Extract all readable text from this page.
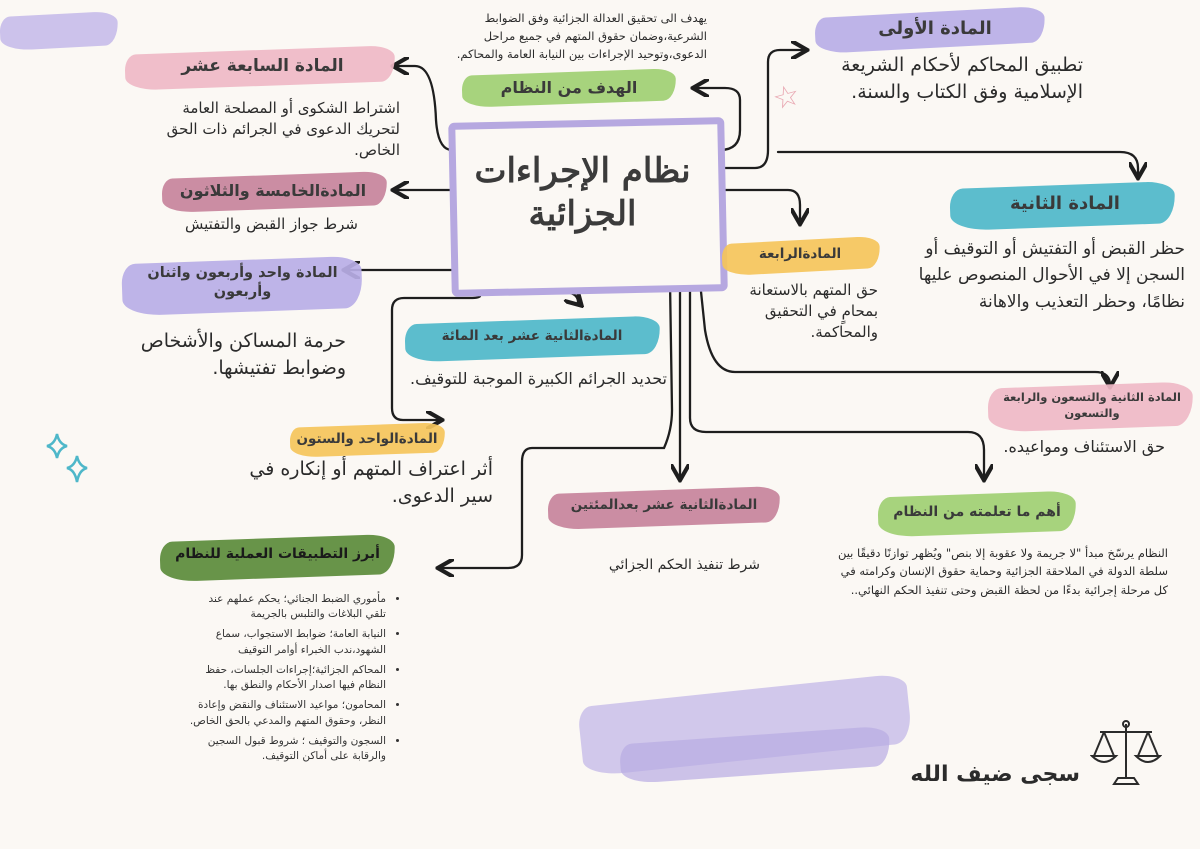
نظام الإجراءات الجزائية
يهدف الى تحقيق العدالة الجزائية وفق الضوابط الشرعية،وضمان حقوق المتهم في جميع مراحل الدعوى،وتوحيد الإجراءات بين النيابة العامة والمحاكم.
الهدف من النظام
المادة الأولى
تطبيق المحاكم لأحكام الشريعة الإسلامية وفق الكتاب والسنة.
☆
المادة السابعة عشر
اشتراط الشكوى أو المصلحة العامة لتحريك الدعوى في الجرائم ذات الحق الخاص.
المادةالخامسة والثلاثون
شرط جواز القبض والتفتيش
المادة واحد وأربعون واثنان وأربعون
حرمة المساكن والأشخاص وضوابط تفتيشها.
المادةالثانية عشر بعد المائة
تحديد الجرائم الكبيرة الموجبة للتوقيف.
المادةالواحد والستون
أثر اعتراف المتهم أو إنكاره في سير الدعوى.
المادةالرابعة
حق المتهم بالاستعانة بمحامٍ في التحقيق والمحاكمة.
المادة الثانية
حظر القبض أو التفتيش أو التوقيف أو السجن إلا في الأحوال المنصوص عليها نظامًا، وحظر التعذيب والاهانة
المادة الثانية والتسعون والرابعة والتسعون
حق الاستئناف ومواعيده.
أهم ما تعلمته من النظام
النظام يرسّخ مبدأ "لا جريمة ولا عقوبة إلا بنص" ويُظهر توازنًا دقيقًا بين سلطة الدولة في الملاحقة الجزائية وحماية حقوق الإنسان وكرامته في كل مرحلة إجرائية بدءًا من لحظة القبض وحتى تنفيذ الحكم النهائي..
المادةالثانية عشر بعدالمئتين
شرط تنفيذ الحكم الجزائي
أبرز التطبيقات العملية للنظام
• مأموري الضبط الجنائي؛ يحكم عملهم عند تلقي البلاغات والتلبس بالجريمة
• النيابة العامة؛ ضوابط الاستجواب، سماع الشهود،ندب الخبراء أوامر التوقيف
• المحاكم الجزائية؛إجراءات الجلسات، حفظ النظام فيها اصدار الأحكام والنطق بها.
• المحامون؛ مواعيد الاستئناف والنقض وإعادة النظر، وحقوق المتهم والمدعي بالحق الخاص.
• السجون والتوقيف ؛ شروط قبول السجين والرقابة على أماكن التوقيف.
سجى ضيف الله
